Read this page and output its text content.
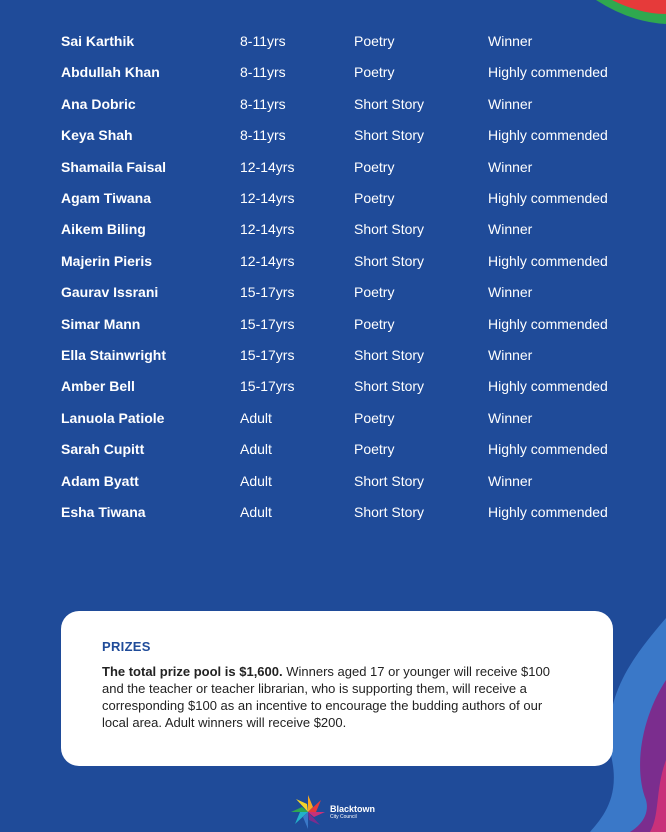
Sai Karthik	8-11yrs	Poetry	Winner
Abdullah Khan	8-11yrs	Poetry	Highly commended
Ana Dobric	8-11yrs	Short Story	Winner
Keya Shah	8-11yrs	Short Story	Highly commended
Shamaila Faisal	12-14yrs	Poetry	Winner
Agam Tiwana	12-14yrs	Poetry	Highly commended
Aikem Biling	12-14yrs	Short Story	Winner
Majerin Pieris	12-14yrs	Short Story	Highly commended
Gaurav Issrani	15-17yrs	Poetry	Winner
Simar Mann	15-17yrs	Poetry	Highly commended
Ella Stainwright	15-17yrs	Short Story	Winner
Amber Bell	15-17yrs	Short Story	Highly commended
Lanuola Patiole	Adult	Poetry	Winner
Sarah Cupitt	Adult	Poetry	Highly commended
Adam Byatt	Adult	Short Story	Winner
Esha Tiwana	Adult	Short Story	Highly commended
PRIZES
The total prize pool is $1,600. Winners aged 17 or younger will receive $100 and the teacher or teacher librarian, who is supporting them, will receive a corresponding $100 as an incentive to encourage the budding authors of our local area. Adult winners will receive $200.
Blacktown
City Council
